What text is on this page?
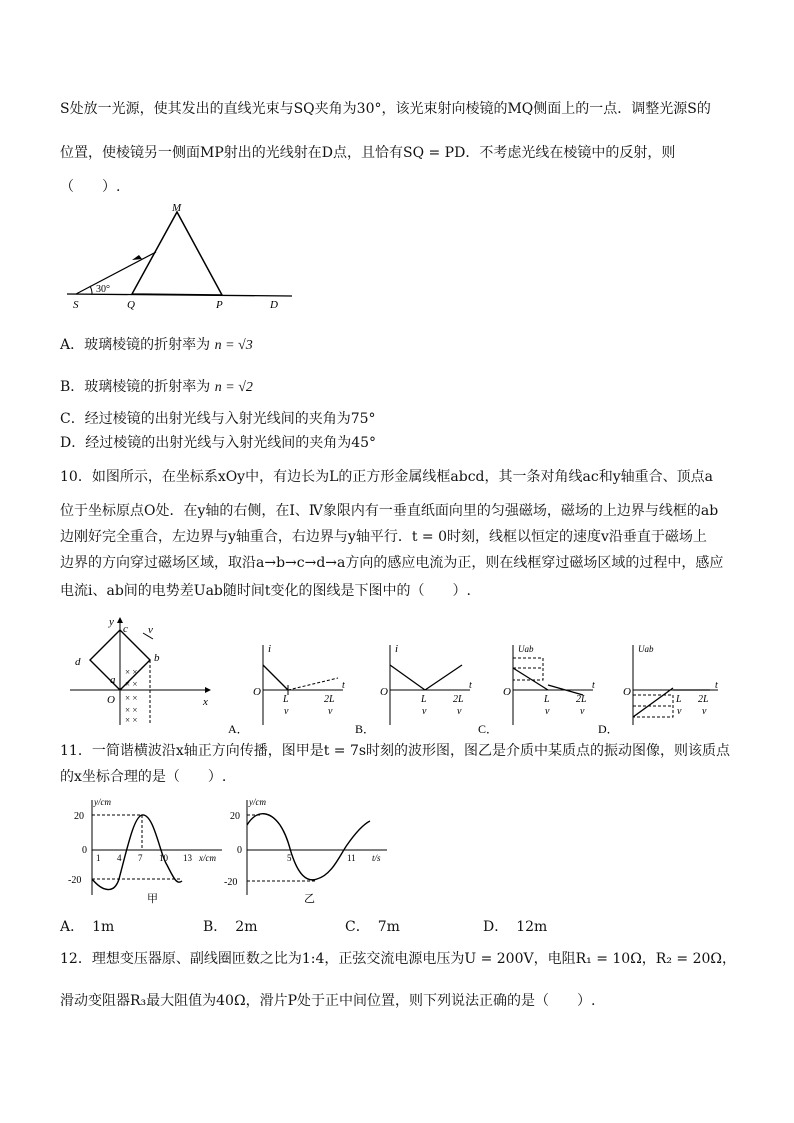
S处放一光源，使其发出的直线光束与SQ夹角为30°，该光束射向棱镜的MQ侧面上的一点．调整光源S的
位置，使棱镜另一侧面MP射出的光线射在D点，且恰有SQ = PD．不考虑光线在棱镜中的反射，则
（　　）.
M
S	Q	P	D
30°
A．玻璃棱镜的折射率为 n = √3
B．玻璃棱镜的折射率为 n = √2
C．经过棱镜的出射光线与入射光线间的夹角为75°
D．经过棱镜的出射光线与入射光线间的夹角为45°
10．如图所示，在坐标系xOy中，有边长为L的正方形金属线框abcd，其一条对角线ac和y轴重合、顶点a
位于坐标原点O处．在y轴的右侧，在Ⅰ、Ⅳ象限内有一垂直纸面向里的匀强磁场，磁场的上边界与线框的ab
边刚好完全重合，左边界与y轴重合，右边界与y轴平行．t = 0时刻，线框以恒定的速度v沿垂直于磁场上
边界的方向穿过磁场区域，取沿a→b→c→d→a方向的感应电流为正，则在线框穿过磁场区域的过程中，感应
电流i、ab间的电势差Uab随时间t变化的图线是下图中的（　　）.
× ×
× ×
× ×
× ×
× ×
y
x
c v
d	b
a
O
i
O
t
L
v
2L
v
A．
i
O
t
L
v
2L
v
B．
Uab
O
t
L
v
2L
v
C．
Uab
O
t
L
v
2L
v
D．
11．一简谐横波沿x轴正方向传播，图甲是t = 7s时刻的波形图，图乙是介质中某质点的振动图像，则该质点
的x坐标合理的是（　　）.
y/cm
20
-20
0
1 4 7 10 13 x/cm
甲
y/cm
20
-20
0
5	11 t/s
乙
A． 1m	B． 2m	C． 7m	D． 12m
12．理想变压器原、副线圈匝数之比为1:4，正弦交流电源电压为U = 200V，电阻R₁ = 10Ω，R₂ = 20Ω，
滑动变阻器R₃最大阻值为40Ω，滑片P处于正中间位置，则下列说法正确的是（　　）.
